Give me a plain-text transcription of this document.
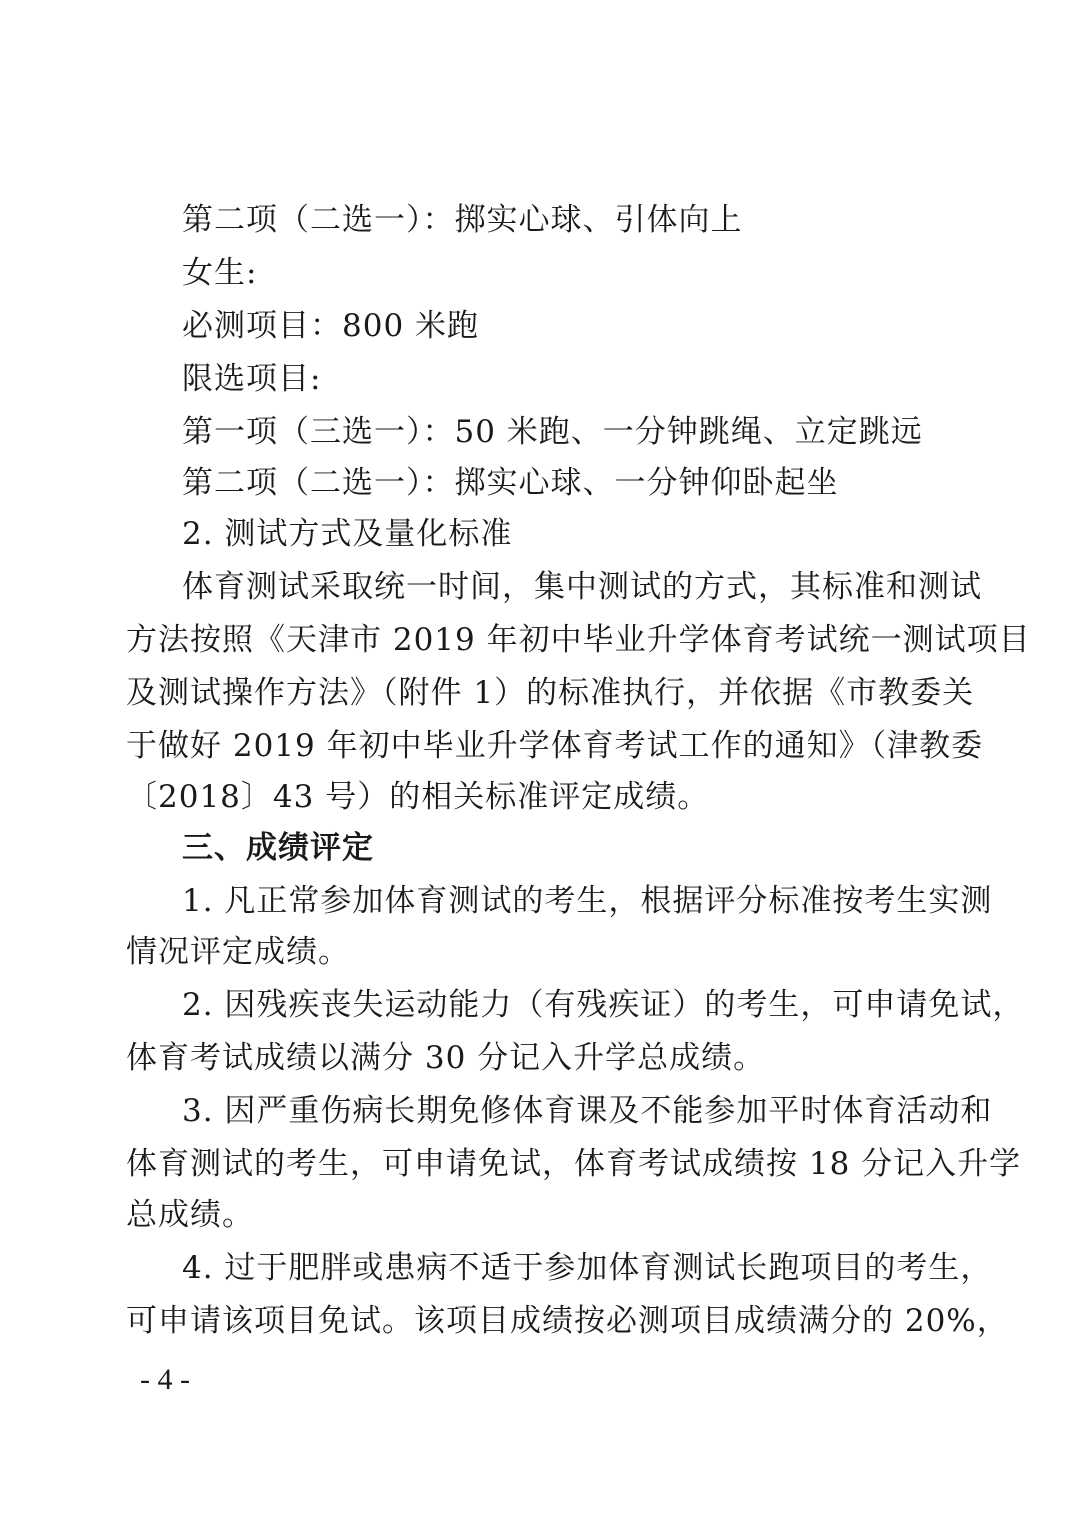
第二项（二选一）：掷实心球、引体向上
女生:
必测项目：800 米跑
限选项目:
第一项（三选一）：50 米跑、一分钟跳绳、立定跳远
第二项（二选一）：掷实心球、一分钟仰卧起坐
2. 测试方式及量化标准
体育测试采取统一时间，集中测试的方式，其标准和测试
方法按照《天津市 2019 年初中毕业升学体育考试统一测试项目
及测试操作方法》（附件 1）的标准执行，并依据《市教委关
于做好 2019 年初中毕业升学体育考试工作的通知》（津教委
〔2018〕43 号）的相关标准评定成绩。
三、成绩评定
1. 凡正常参加体育测试的考生，根据评分标准按考生实测
情况评定成绩。
2. 因残疾丧失运动能力（有残疾证）的考生，可申请免试，
体育考试成绩以满分 30 分记入升学总成绩。
3. 因严重伤病长期免修体育课及不能参加平时体育活动和
体育测试的考生，可申请免试，体育考试成绩按 18 分记入升学
总成绩。
4. 过于肥胖或患病不适于参加体育测试长跑项目的考生，
可申请该项目免试。该项目成绩按必测项目成绩满分的 20%，
- 4 -
